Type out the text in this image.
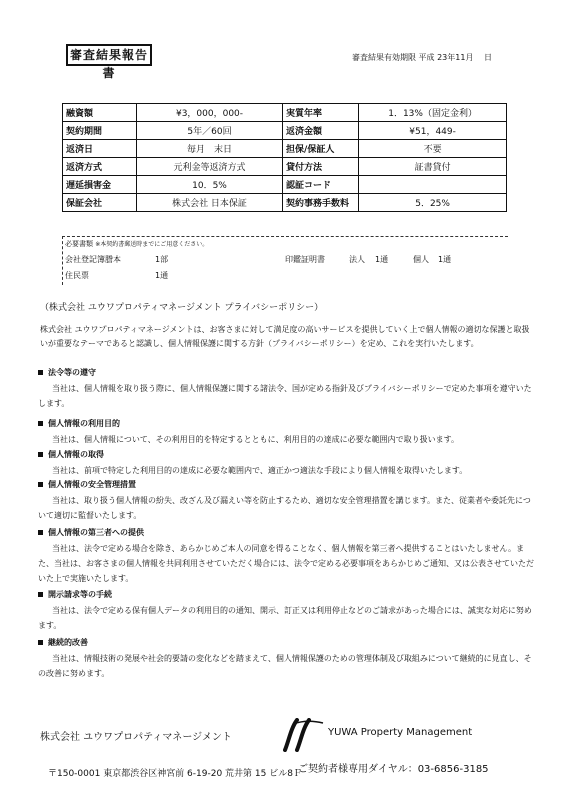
審査結果報告書
審査結果有効期限 平成 23年11月　 日
融資額	¥3，000，000-	実質年率	1．13%（固定金利）
契約期間	5年／60回	返済金額	¥51，449-
返済日	毎月　末日	担保/保証人	不要
返済方式	元利金等返済方式	貸付方法	証書貸付
遅延損害金	10．5%	認証コード	
保証会社	株式会社 日本保証	契約事務手数料	5．25%
必要書類 ※本契約書郵送時までにご用意ください。
会社登記簿謄本	1部	印鑑証明書	法人 1通	個人 1通
住民票	1通
（株式会社 ユウワプロパティマネージメント プライバシーポリシー）
株式会社 ユウワプロパティマネージメントは、お客さまに対して満足度の高いサービスを提供していく上で個人情報の適切な保護と取扱いが重要なテーマであると認識し、個人情報保護に関する方針（プライバシーポリシー）を定め、これを実行いたします。
法令等の遵守
当社は、個人情報を取り扱う際に、個人情報保護に関する諸法令、国が定める指針及びプライバシーポリシーで定めた事項を遵守いたします。
個人情報の利用目的
当社は、個人情報について、その利用目的を特定するとともに、利用目的の達成に必要な範囲内で取り扱います。
個人情報の取得
当社は、前項で特定した利用目的の達成に必要な範囲内で、適正かつ適法な手段により個人情報を取得いたします。
個人情報の安全管理措置
当社は、取り扱う個人情報の紛失、改ざん及び漏えい等を防止するため、適切な安全管理措置を講じます。また、従業者や委託先について適切に監督いたします。
個人情報の第三者への提供
当社は、法令で定める場合を除き、あらかじめご本人の同意を得ることなく、個人情報を第三者へ提供することはいたしません。また、当社は、お客さまの個人情報を共同利用させていただく場合には、法令で定める必要事項をあらかじめご通知、又は公表させていただいた上で実施いたします。
開示請求等の手続
当社は、法令で定める保有個人データの利用目的の通知、開示、訂正又は利用停止などのご請求があった場合には、誠実な対応に努めます。
継続的改善
当社は、情報技術の発展や社会的要請の変化などを踏まえて、個人情報保護のための管理体制及び取組みについて継続的に見直し、その改善に努めます。
株式会社 ユウワプロパティマネージメント	YUWA Property Management
〒150-0001 東京都渋谷区神宮前 6-19-20 荒井第 15 ビル8Ｆ
ご契約者様専用ダイヤル：03-6856-3185
